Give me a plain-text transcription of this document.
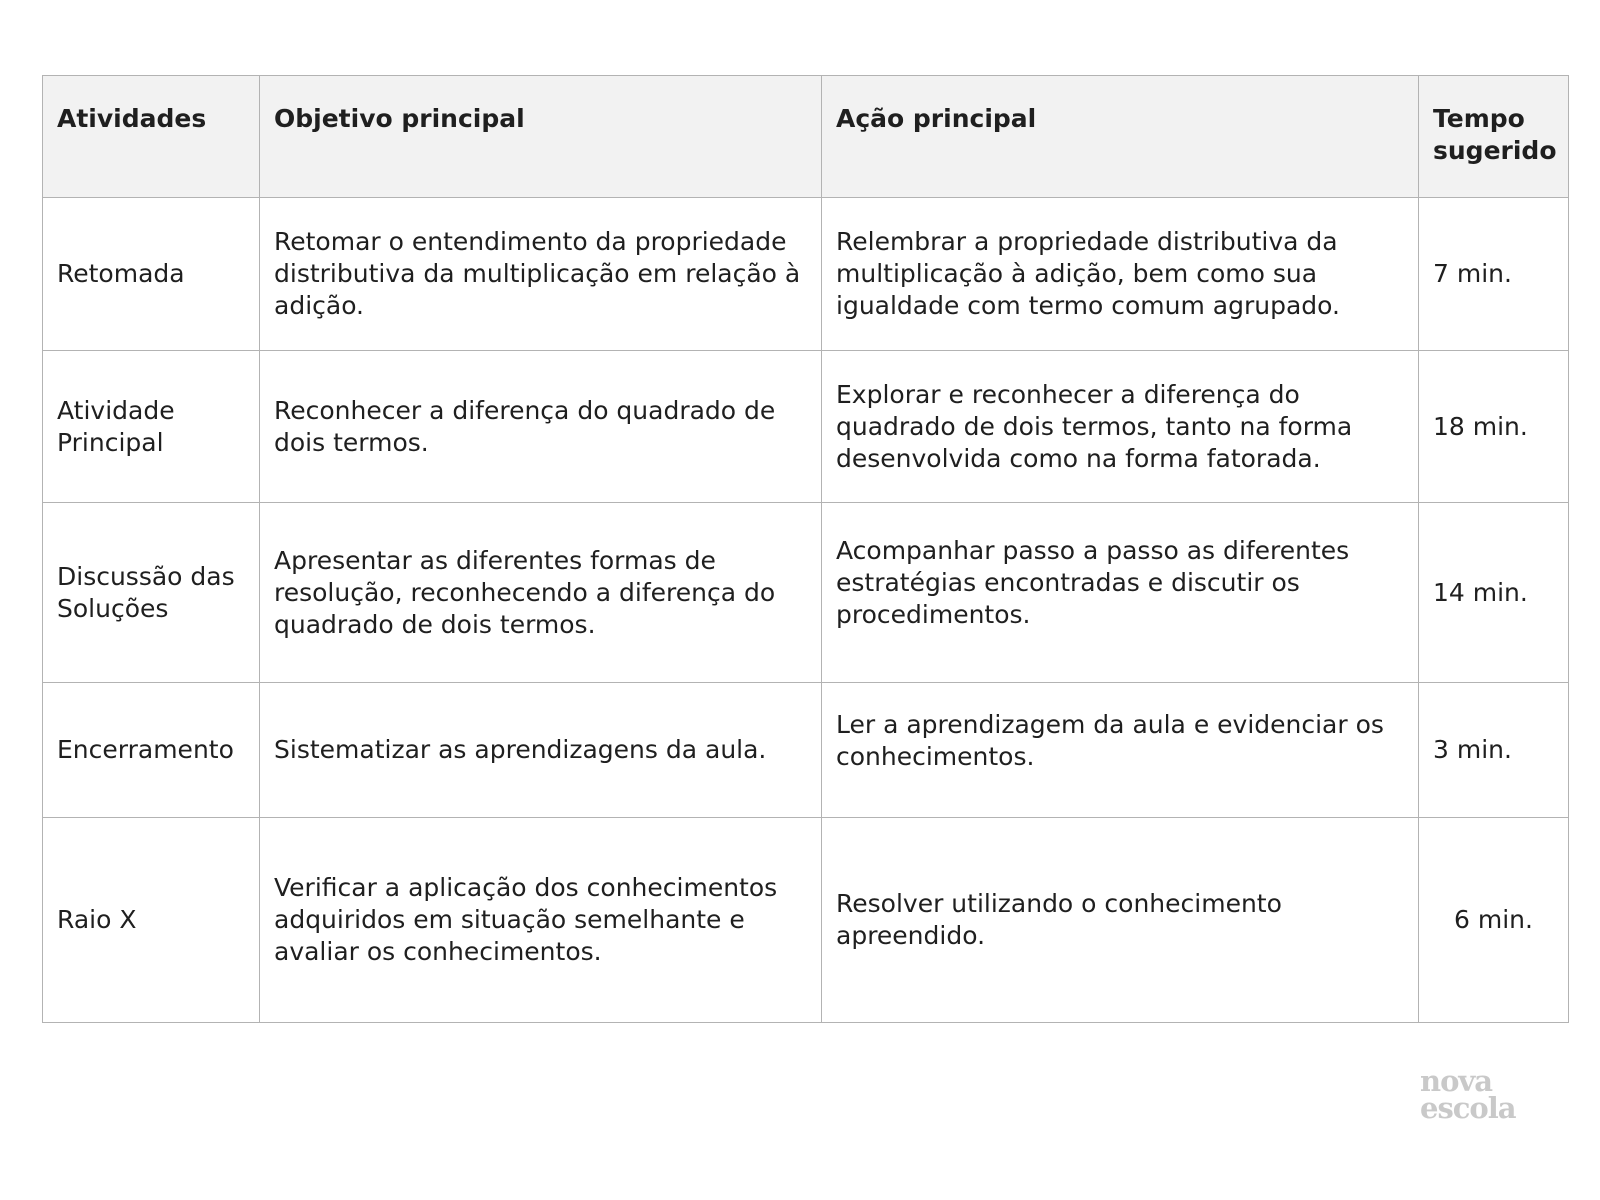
Atividades	Objetivo principal	Ação principal	Tempo sugerido
Retomada	Retomar o entendimento da propriedade distributiva da multiplicação em relação à adição.	Relembrar a propriedade distributiva da multiplicação à adição, bem como sua igualdade com termo comum agrupado.	7 min.
Atividade Principal	Reconhecer a diferença do quadrado de dois termos.	Explorar e reconhecer a diferença do quadrado de dois termos, tanto na forma desenvolvida como na forma fatorada.	18 min.
Discussão das Soluções	Apresentar as diferentes formas de resolução, reconhecendo a diferença do quadrado de dois termos.	Acompanhar passo a passo as diferentes estratégias encontradas e discutir os procedimentos.	14 min.
Encerramento	Sistematizar as aprendizagens da aula.	Ler a aprendizagem da aula e evidenciar os conhecimentos.	3 min.
Raio X	Verificar a aplicação dos conhecimentos adquiridos em situação semelhante e avaliar os conhecimentos.	Resolver utilizando o conhecimento apreendido.	6 min.
nova
escola
